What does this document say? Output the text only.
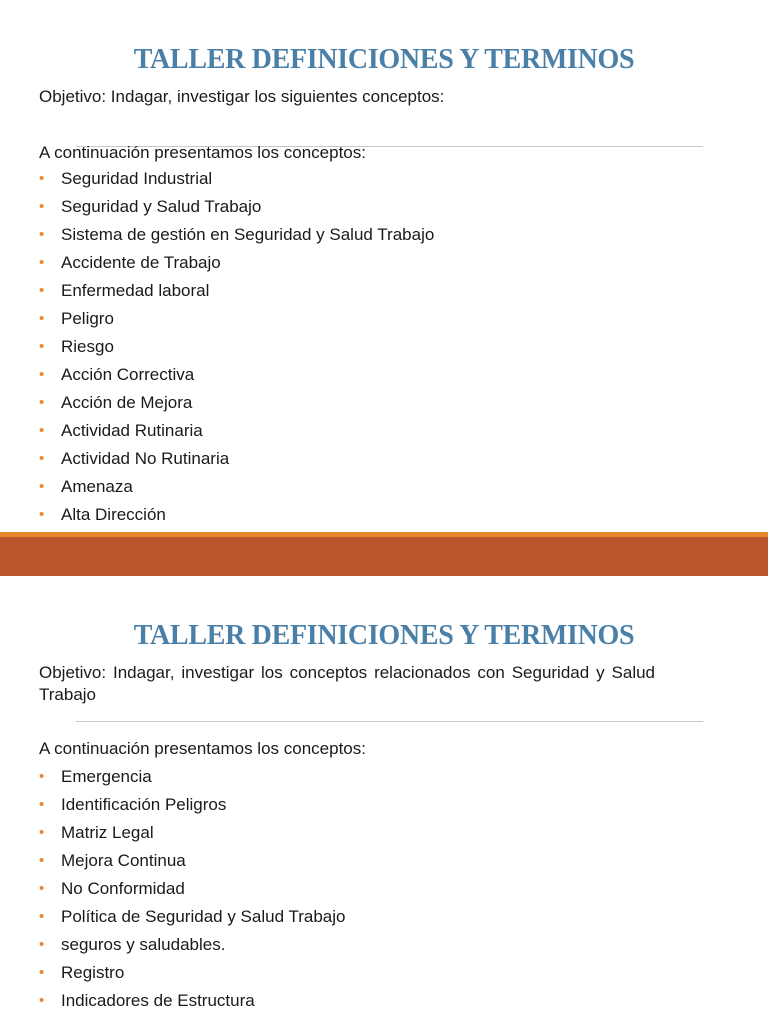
TALLER DEFINICIONES Y TERMINOS

Objetivo: Indagar, investigar los siguientes conceptos:

A continuación presentamos los conceptos:

• Seguridad Industrial
• Seguridad y Salud Trabajo
• Sistema de gestión en Seguridad y Salud Trabajo
• Accidente de Trabajo
• Enfermedad laboral
• Peligro
• Riesgo
• Acción Correctiva
• Acción de Mejora
• Actividad Rutinaria
• Actividad No Rutinaria
• Amenaza
• Alta Dirección
TALLER DEFINICIONES Y TERMINOS

Objetivo: Indagar, investigar los conceptos relacionados con Seguridad y Salud Trabajo

A continuación presentamos los conceptos:

• Emergencia
• Identificación Peligros
• Matriz Legal
• Mejora Continua
• No Conformidad
• Política de Seguridad y Salud Trabajo
• seguros y saludables.
• Registro
• Indicadores de Estructura
